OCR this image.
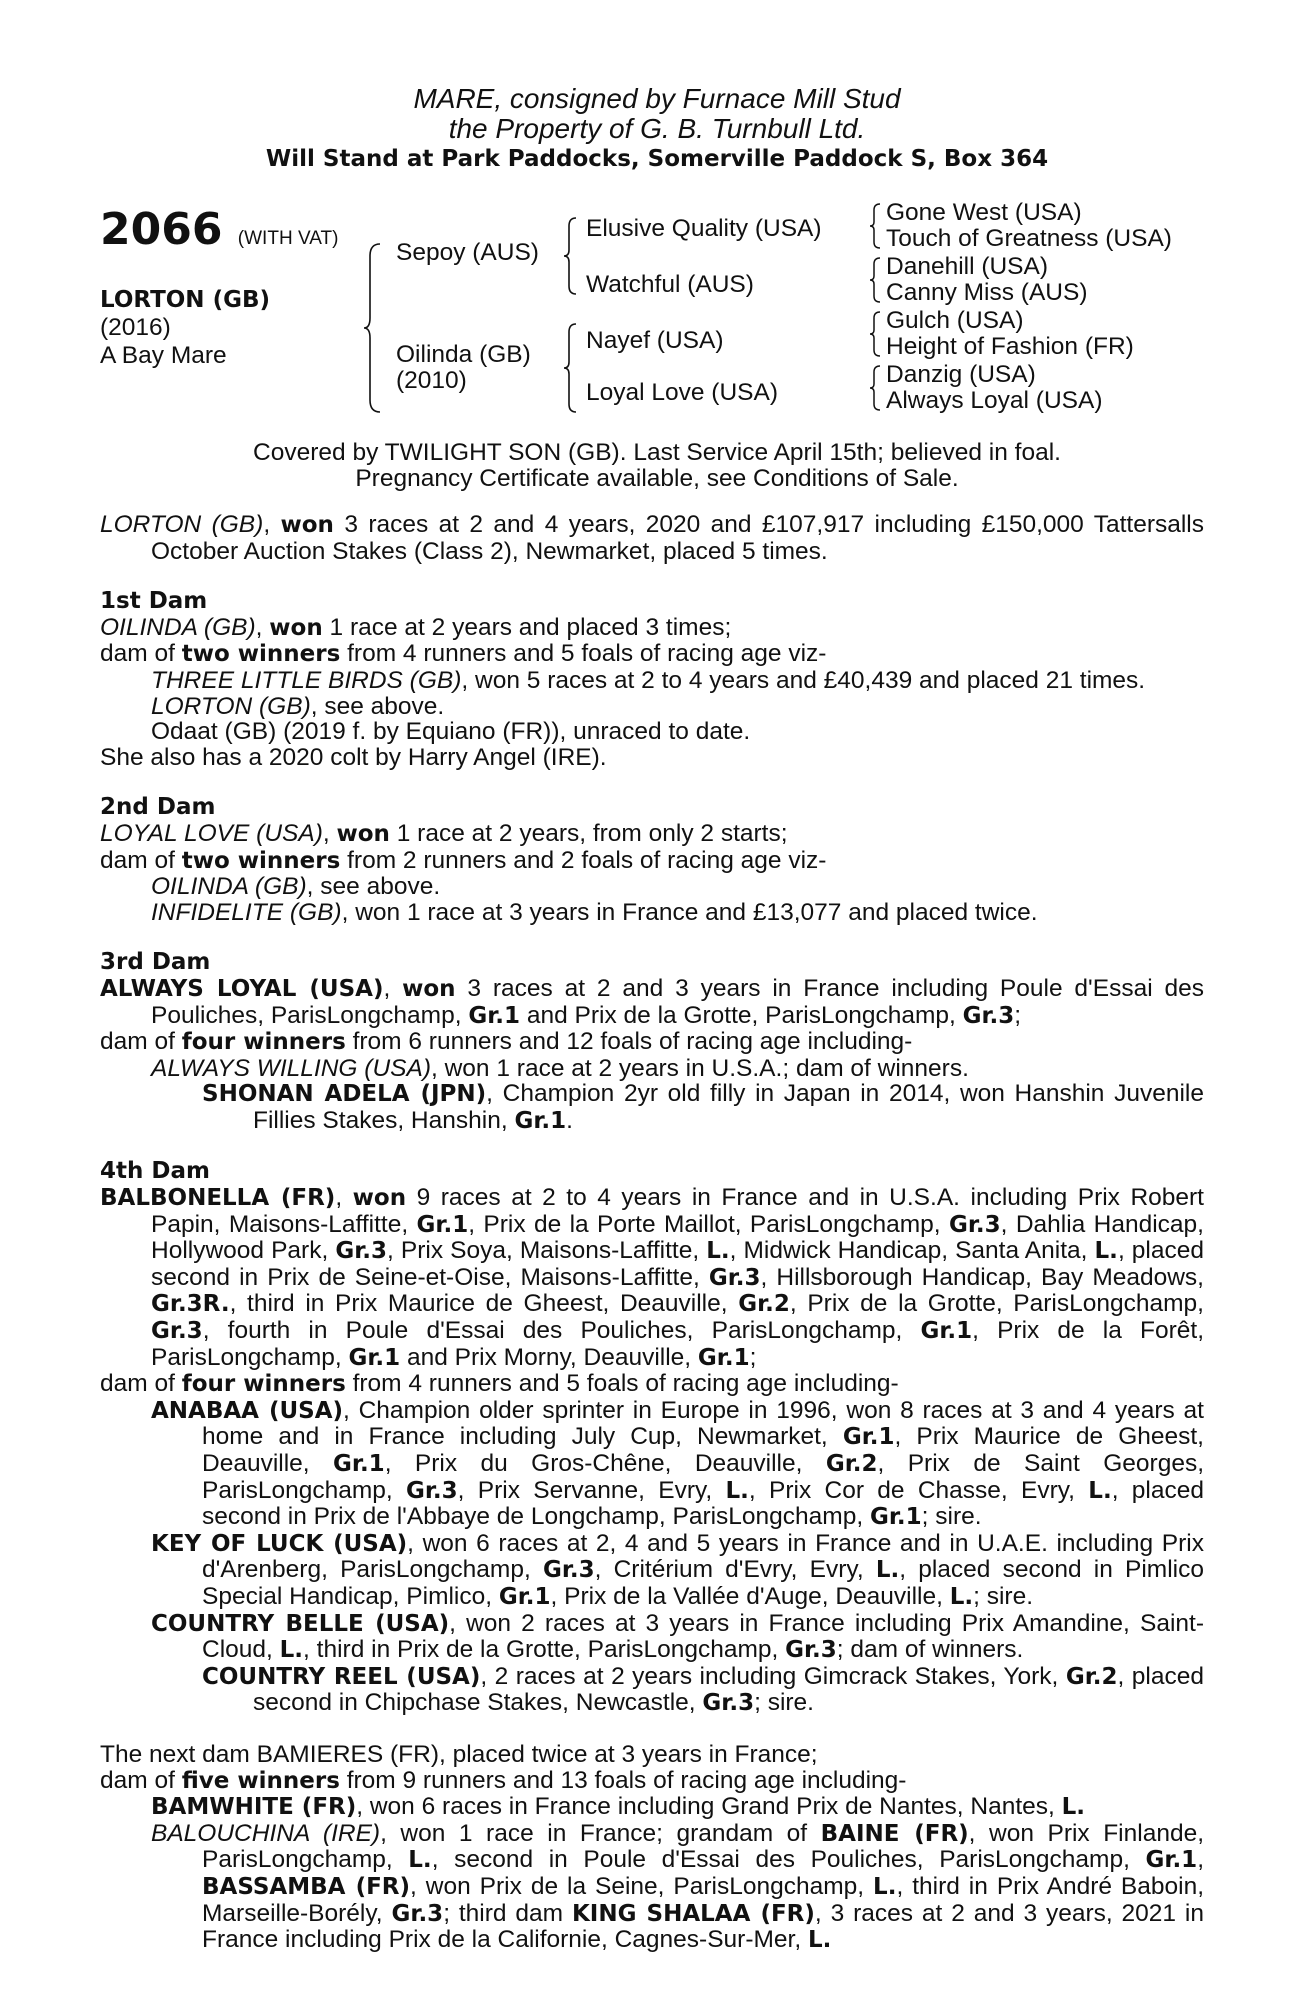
MARE, consigned by Furnace Mill Stud
the Property of G. B. Turnbull Ltd.
Will Stand at Park Paddocks, Somerville Paddock S, Box 364
2066 (WITH VAT)
LORTON (GB)
(2016)
A Bay Mare
Sepoy (AUS)
Oilinda (GB)
(2010)
Elusive Quality (USA)
Watchful (AUS)
Nayef (USA)
Loyal Love (USA)
Gone West (USA)
Touch of Greatness (USA)
Danehill (USA)
Canny Miss (AUS)
Gulch (USA)
Height of Fashion (FR)
Danzig (USA)
Always Loyal (USA)
Covered by TWILIGHT SON (GB). Last Service April 15th; believed in foal.
Pregnancy Certificate available, see Conditions of Sale.

LORTON (GB), won 3 races at 2 and 4 years, 2020 and £107,917 including £150,000 Tattersalls October Auction Stakes (Class 2), Newmarket, placed 5 times.

1st Dam

OILINDA (GB), won 1 race at 2 years and placed 3 times;

dam of two winners from 4 runners and 5 foals of racing age viz-

THREE LITTLE BIRDS (GB), won 5 races at 2 to 4 years and £40,439 and placed 21 times.

LORTON (GB), see above.

Odaat (GB) (2019 f. by Equiano (FR)), unraced to date.

She also has a 2020 colt by Harry Angel (IRE).

2nd Dam

LOYAL LOVE (USA), won 1 race at 2 years, from only 2 starts;

dam of two winners from 2 runners and 2 foals of racing age viz-

OILINDA (GB), see above.

INFIDELITE (GB), won 1 race at 3 years in France and £13,077 and placed twice.

3rd Dam

ALWAYS LOYAL (USA), won 3 races at 2 and 3 years in France including Poule d'Essai des Pouliches, ParisLongchamp, Gr.1 and Prix de la Grotte, ParisLongchamp, Gr.3;

dam of four winners from 6 runners and 12 foals of racing age including-

ALWAYS WILLING (USA), won 1 race at 2 years in U.S.A.; dam of winners.

SHONAN ADELA (JPN), Champion 2yr old filly in Japan in 2014, won Hanshin Juvenile Fillies Stakes, Hanshin, Gr.1.

4th Dam

BALBONELLA (FR), won 9 races at 2 to 4 years in France and in U.S.A. including Prix Robert Papin, Maisons-Laffitte, Gr.1, Prix de la Porte Maillot, ParisLongchamp, Gr.3, Dahlia Handicap, Hollywood Park, Gr.3, Prix Soya, Maisons-Laffitte, L., Midwick Handicap, Santa Anita, L., placed second in Prix de Seine-et-Oise, Maisons-Laffitte, Gr.3, Hillsborough Handicap, Bay Meadows, Gr.3R., third in Prix Maurice de Gheest, Deauville, Gr.2, Prix de la Grotte, ParisLongchamp, Gr.3, fourth in Poule d'Essai des Pouliches, ParisLongchamp, Gr.1, Prix de la Forêt, ParisLongchamp, Gr.1 and Prix Morny, Deauville, Gr.1;

dam of four winners from 4 runners and 5 foals of racing age including-

ANABAA (USA), Champion older sprinter in Europe in 1996, won 8 races at 3 and 4 years at home and in France including July Cup, Newmarket, Gr.1, Prix Maurice de Gheest, Deauville, Gr.1, Prix du Gros-Chêne, Deauville, Gr.2, Prix de Saint Georges, ParisLongchamp, Gr.3, Prix Servanne, Evry, L., Prix Cor de Chasse, Evry, L., placed second in Prix de l'Abbaye de Longchamp, ParisLongchamp, Gr.1; sire.

KEY OF LUCK (USA), won 6 races at 2, 4 and 5 years in France and in U.A.E. including Prix d'Arenberg, ParisLongchamp, Gr.3, Critérium d'Evry, Evry, L., placed second in Pimlico Special Handicap, Pimlico, Gr.1, Prix de la Vallée d'Auge, Deauville, L.; sire.

COUNTRY BELLE (USA), won 2 races at 3 years in France including Prix Amandine, Saint-Cloud, L., third in Prix de la Grotte, ParisLongchamp, Gr.3; dam of winners.

COUNTRY REEL (USA), 2 races at 2 years including Gimcrack Stakes, York, Gr.2, placed second in Chipchase Stakes, Newcastle, Gr.3; sire.

The next dam BAMIERES (FR), placed twice at 3 years in France;

dam of five winners from 9 runners and 13 foals of racing age including-

BAMWHITE (FR), won 6 races in France including Grand Prix de Nantes, Nantes, L.

BALOUCHINA (IRE), won 1 race in France; grandam of BAINE (FR), won Prix Finlande, ParisLongchamp, L., second in Poule d'Essai des Pouliches, ParisLongchamp, Gr.1, BASSAMBA (FR), won Prix de la Seine, ParisLongchamp, L., third in Prix André Baboin, Marseille-Borély, Gr.3; third dam KING SHALAA (FR), 3 races at 2 and 3 years, 2021 in France including Prix de la Californie, Cagnes-Sur-Mer, L.
